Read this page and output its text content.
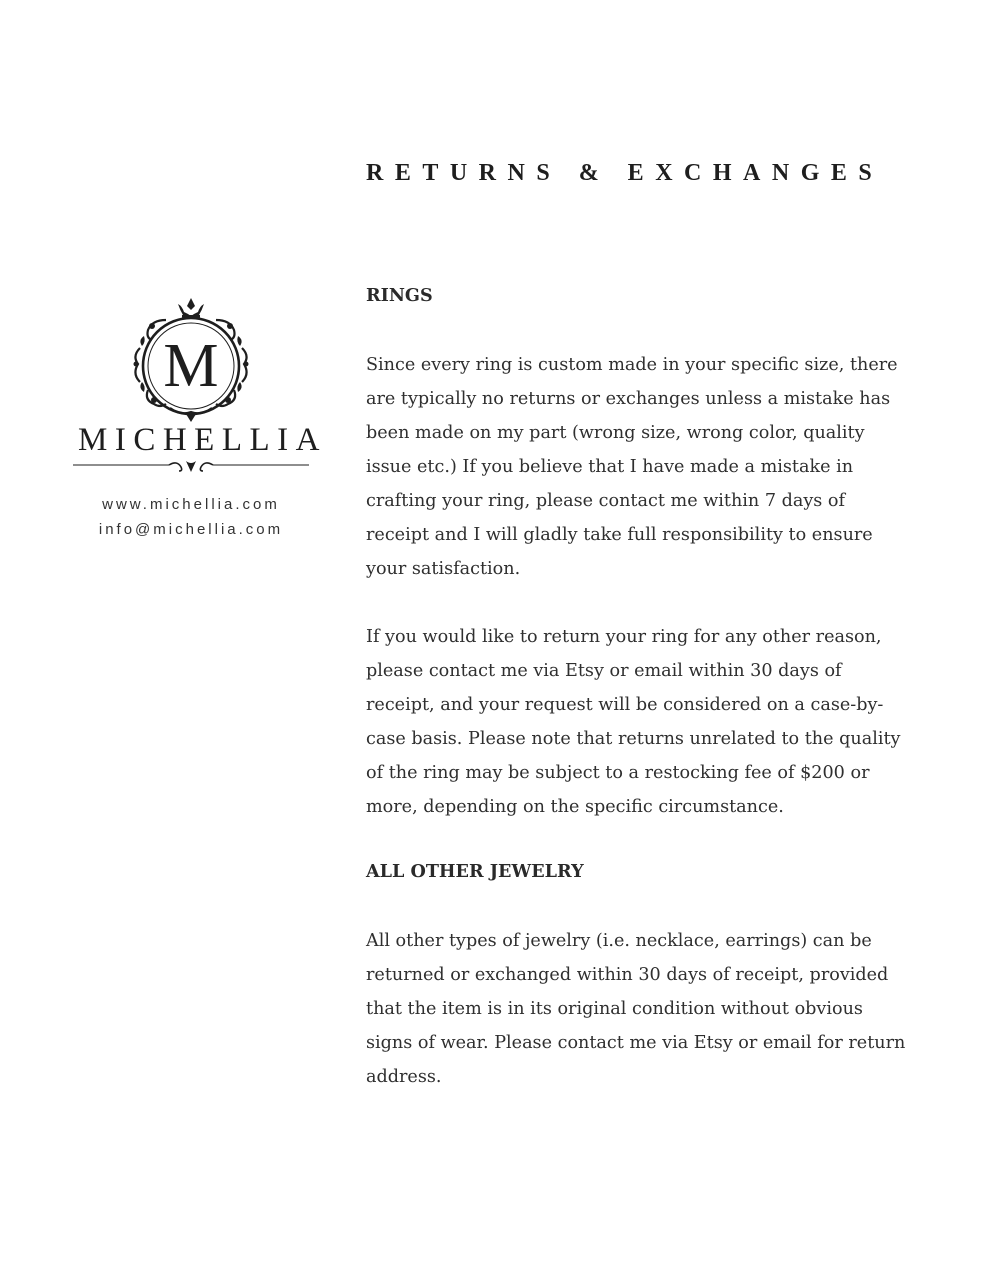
RETURNS & EXCHANGES
M
MICHELLIA
www.michellia.com
info@michellia.com
RINGS

Since every ring is custom made in your specific size, there are typically no returns or exchanges unless a mistake has been made on my part (wrong size, wrong color, quality issue etc.) If you believe that I have made a mistake in crafting your ring, please contact me within 7 days of receipt and I will gladly take full responsibility to ensure your satisfaction.

If you would like to return your ring for any other reason, please contact me via Etsy or email within 30 days of receipt, and your request will be considered on a case-by-case basis. Please note that returns unrelated to the quality of the ring may be subject to a restocking fee of $200 or more, depending on the specific circumstance.

ALL OTHER JEWELRY

All other types of jewelry (i.e. necklace, earrings) can be returned or exchanged within 30 days of receipt, provided that the item is in its original condition without obvious signs of wear. Please contact me via Etsy or email for return address.
